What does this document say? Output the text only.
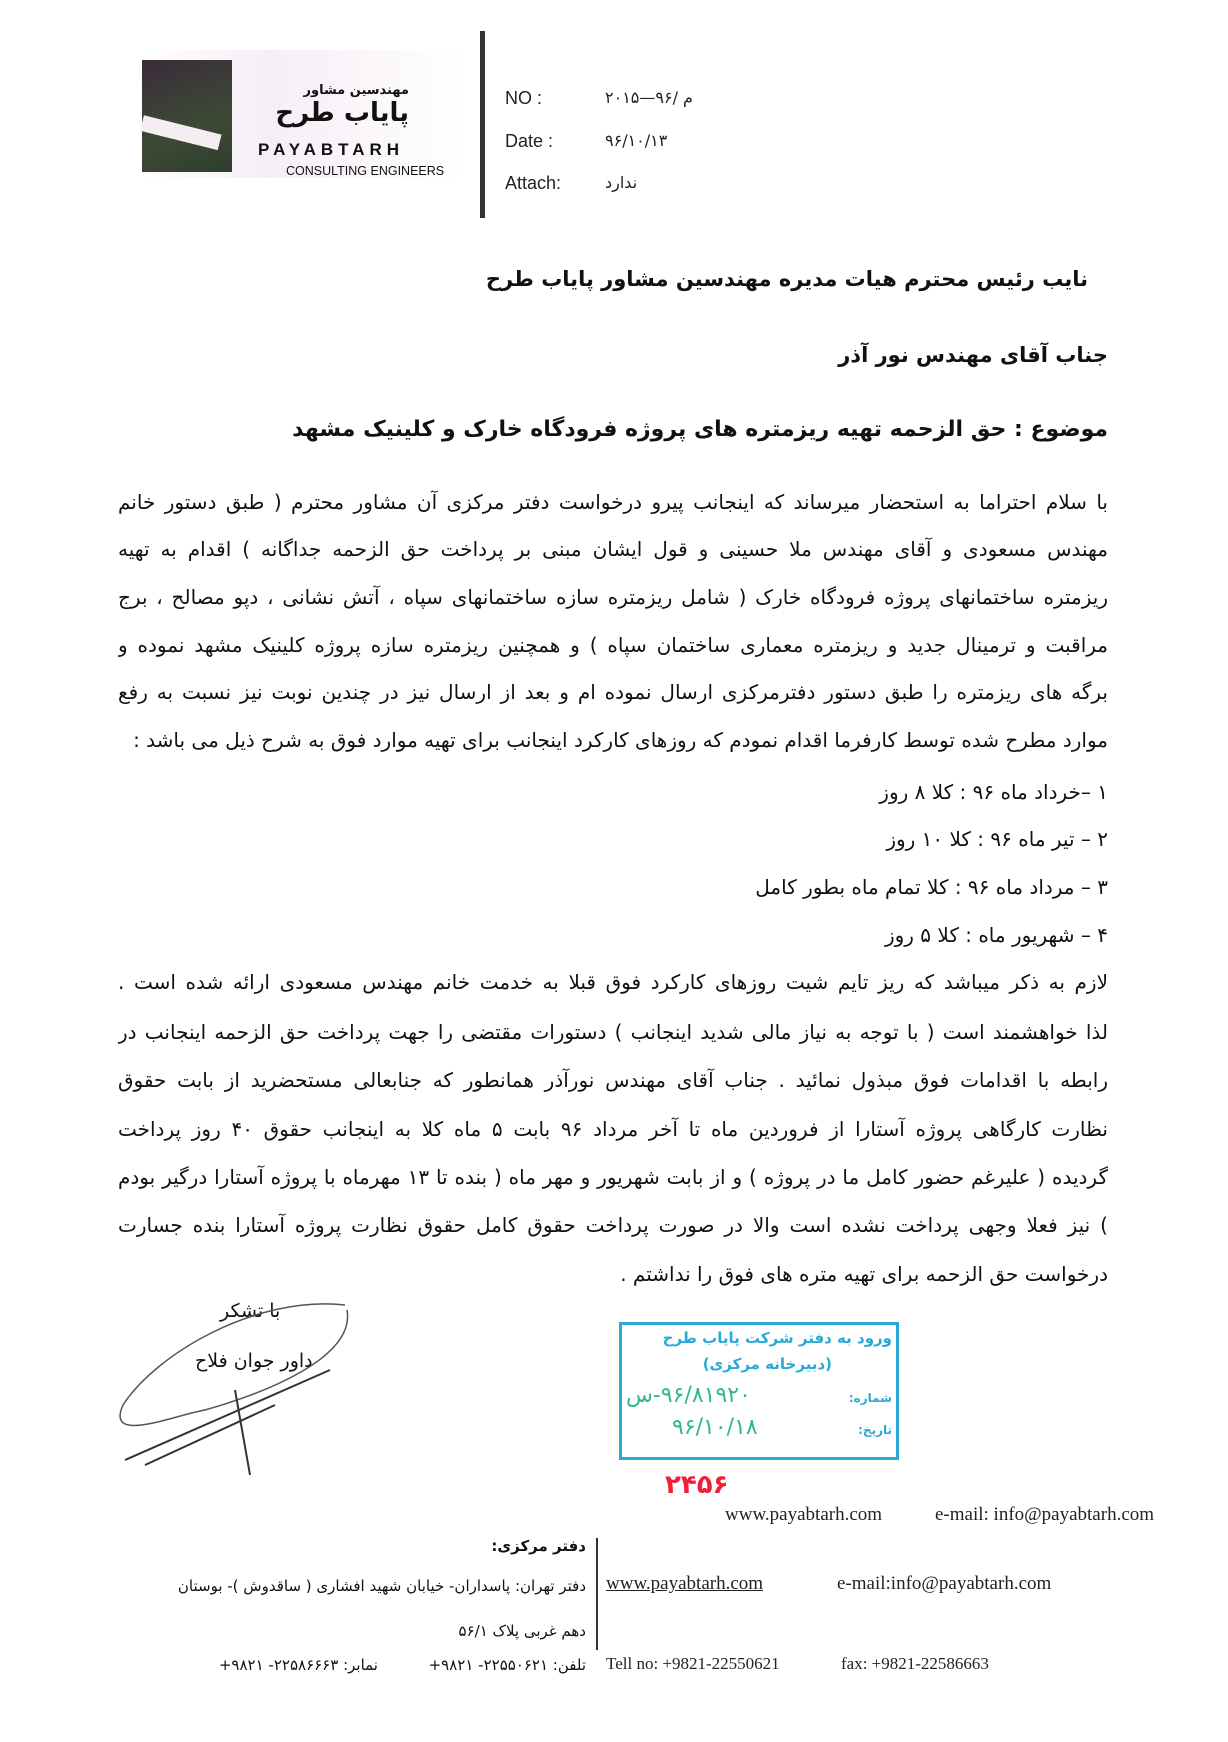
مهندسین مشاور
پایاب طرح
PAYABTARH
CONSULTING ENGINEERS
NO :	م /۹۶—۲۰۱۵
Date :	۹۶/۱۰/۱۳
Attach:	ندارد
نایب رئیس محترم هیات مدیره مهندسین مشاور پایاب طرح
جناب آقای مهندس نور آذر
موضوع : حق الزحمه تهیه ریزمتره های پروژه فرودگاه خارک و کلینیک مشهد
با سلام احتراما به استحضار میرساند که اینجانب پیرو درخواست دفتر مرکزی آن مشاور محترم ( طبق دستور خانم
مهندس مسعودی و آقای مهندس ملا حسینی و قول ایشان مبنی بر پرداخت حق الزحمه جداگانه ) اقدام به تهیه
ریزمتره ساختمانهای پروژه فرودگاه خارک ( شامل ریزمتره سازه ساختمانهای سپاه ، آتش نشانی ، دپو مصالح ، برج
مراقبت و ترمینال جدید و ریزمتره معماری ساختمان سپاه ) و همچنین ریزمتره سازه پروژه کلینیک مشهد نموده و
برگه های ریزمتره را طبق دستور دفترمرکزی ارسال نموده ام و بعد از ارسال نیز در چندین نوبت نیز نسبت به رفع
موارد مطرح شده توسط کارفرما اقدام نمودم که روزهای کارکرد اینجانب برای تهیه موارد فوق به شرح ذیل می باشد :
۱ –خرداد ماه ۹۶ : کلا ۸ روز
۲ – تیر ماه ۹۶ : کلا ۱۰ روز
۳ – مرداد ماه ۹۶ : کلا تمام ماه بطور کامل
۴ – شهریور ماه : کلا ۵ روز
لازم به ذکر میباشد که ریز تایم شیت روزهای کارکرد فوق قبلا به خدمت خانم مهندس مسعودی ارائه شده است .
لذا خواهشمند است ( با توجه به نیاز مالی شدید اینجانب ) دستورات مقتضی را جهت پرداخت حق الزحمه اینجانب در
رابطه با اقدامات فوق مبذول نمائید . جناب آقای مهندس نورآذر همانطور که جنابعالی مستحضرید از بابت حقوق
نظارت کارگاهی پروژه آستارا از فروردین ماه تا آخر مرداد ۹۶ بابت ۵ ماه کلا به اینجانب حقوق ۴۰ روز پرداخت
گردیده ( علیرغم حضور کامل ما در پروژه ) و از بابت شهریور و مهر ماه ( بنده تا ۱۳ مهرماه با پروژه آستارا درگیر بودم
) نیز فعلا وجهی پرداخت نشده است والا در صورت پرداخت حقوق کامل حقوق نظارت پروژه آستارا بنده جسارت
درخواست حق الزحمه برای تهیه متره های فوق را نداشتم .
با تشکر
داور جوان فلاح
ورود به دفتر شرکت پایاب طرح
(دبیرخانه مرکزی)
شماره:
۹۶/۸۱۹۲۰-س
تاریخ:
۹۶/۱۰/۱۸
۲۴۵۶
www.payabtarh.com	e-mail: info@payabtarh.com
دفتر مرکزی:
دفتر تهران: پاسداران- خیابان شهید افشاری ( ساقدوش )- بوستان
دهم غربی پلاک ۵۶/۱
تلفن: ۲۲۵۵۰۶۲۱- ۹۸۲۱+
نمابر: ۲۲۵۸۶۶۶۳- ۹۸۲۱+
www.payabtarh.com	e-mail:info@payabtarh.com
Tell no: +9821-22550621	fax: +9821-22586663
